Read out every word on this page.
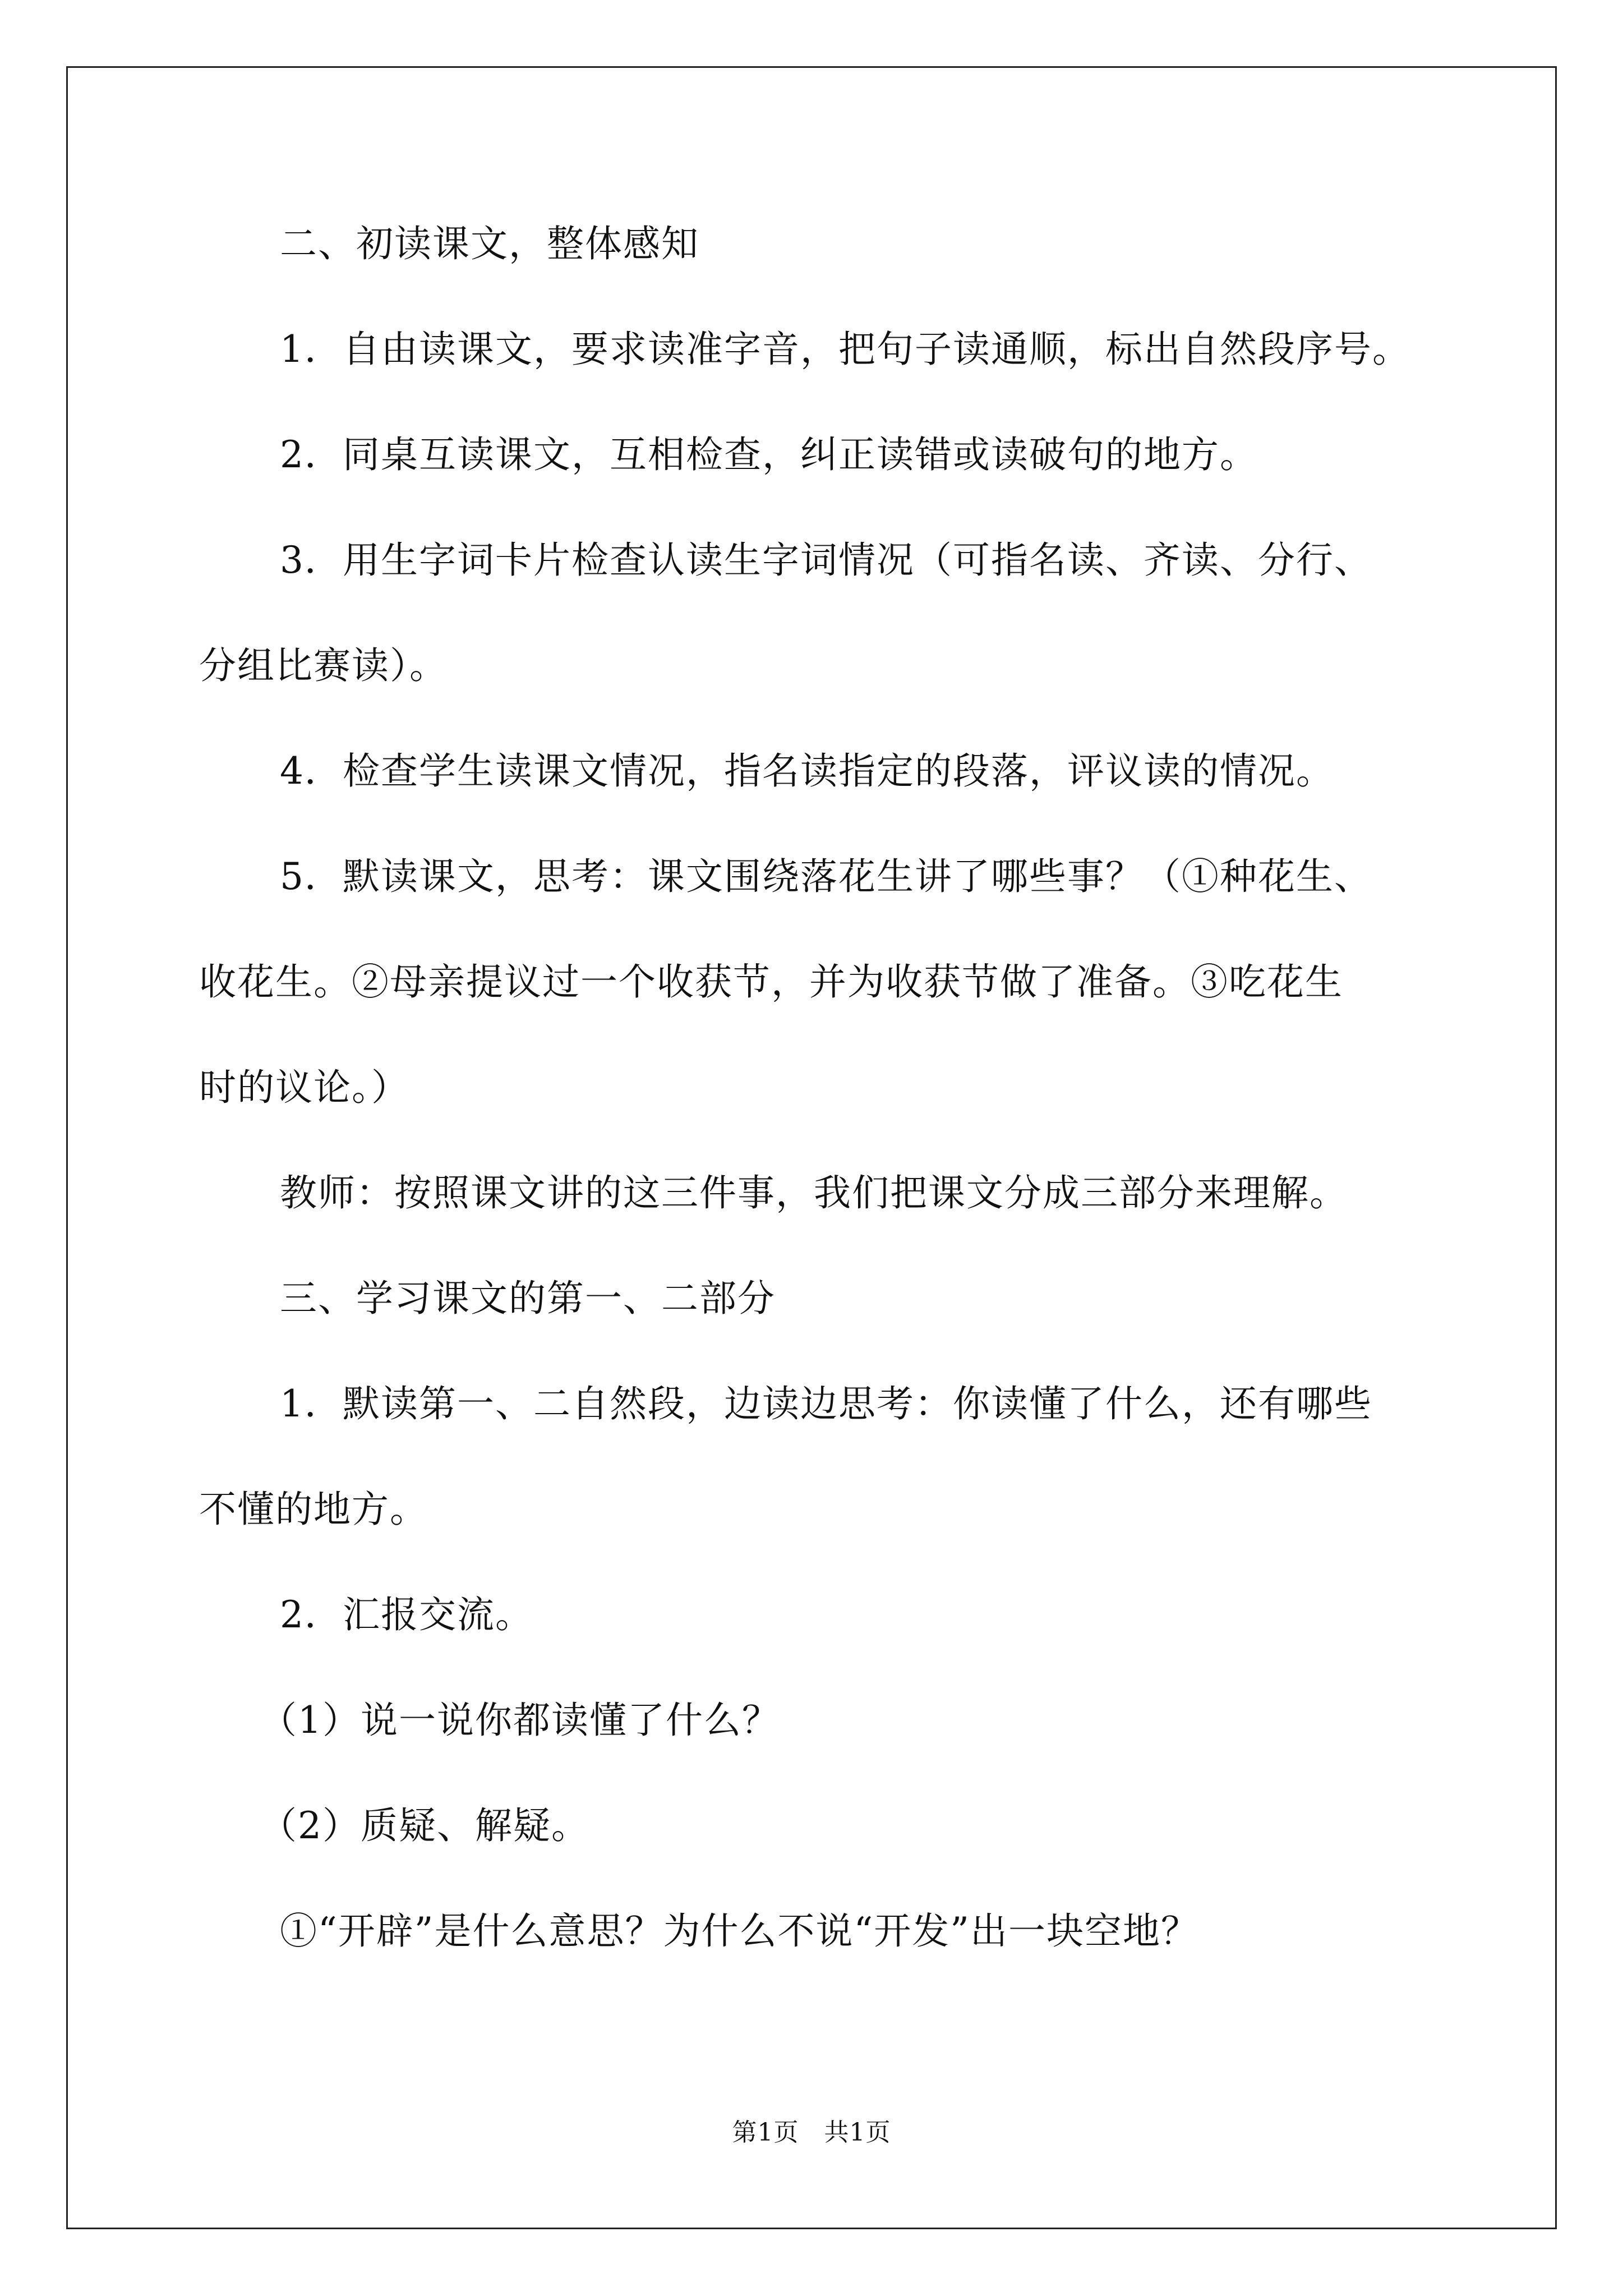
二、初读课文，整体感知
1．自由读课文，要求读准字音，把句子读通顺，标出自然段序号。
2．同桌互读课文，互相检查，纠正读错或读破句的地方。
3．用生字词卡片检查认读生字词情况（可指名读、齐读、分行、
分组比赛读）。
4．检查学生读课文情况，指名读指定的段落，评议读的情况。
5．默读课文，思考：课文围绕落花生讲了哪些事？（①种花生、
收花生。②母亲提议过一个收获节，并为收获节做了准备。③吃花生
时的议论。）
教师：按照课文讲的这三件事，我们把课文分成三部分来理解。
三、学习课文的第一、二部分
1．默读第一、二自然段，边读边思考：你读懂了什么，还有哪些
不懂的地方。
2．汇报交流。
（1）说一说你都读懂了什么？
（2）质疑、解疑。
①“开辟”是什么意思？为什么不说“开发”出一块空地？
第1页　共1页
